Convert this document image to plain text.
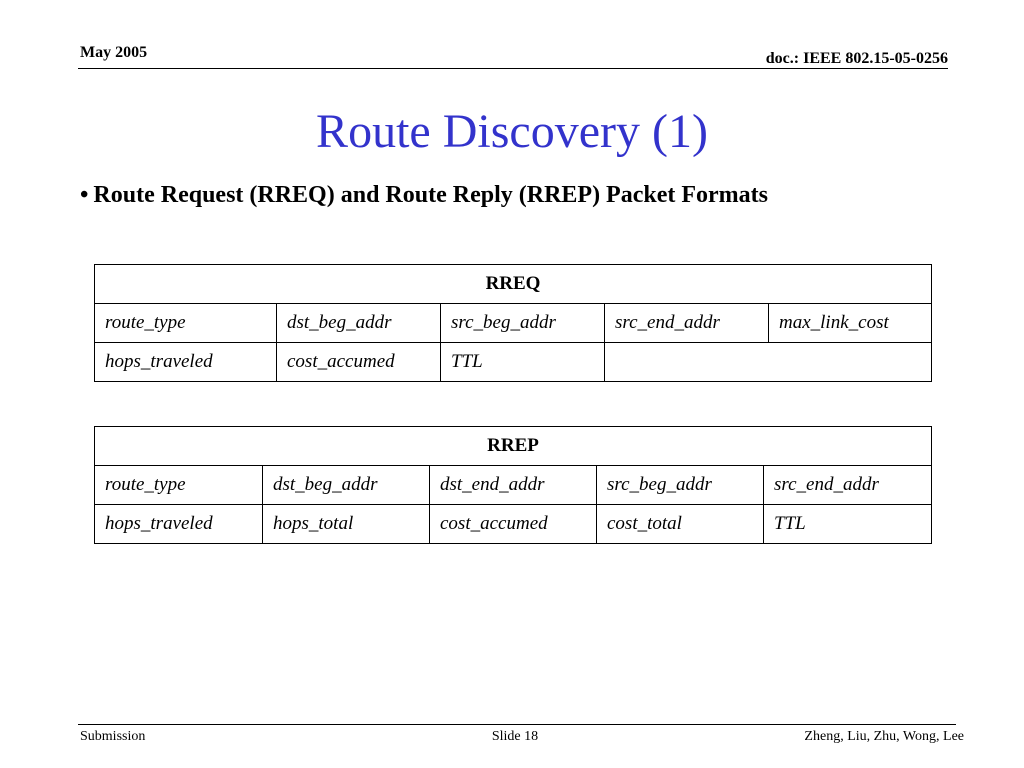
May 2005	doc.: IEEE 802.15-05-0256
Route Discovery (1)
• Route Request (RREQ) and Route Reply (RREP) Packet Formats
RREQ				
route_type	dst_beg_addr	src_beg_addr	src_end_addr	max_link_cost
hops_traveled	cost_accumed	TTL		
RREP				
route_type	dst_beg_addr	dst_end_addr	src_beg_addr	src_end_addr
hops_traveled	hops_total	cost_accumed	cost_total	TTL
Submission	Slide 18	Zheng, Liu, Zhu, Wong, Lee
